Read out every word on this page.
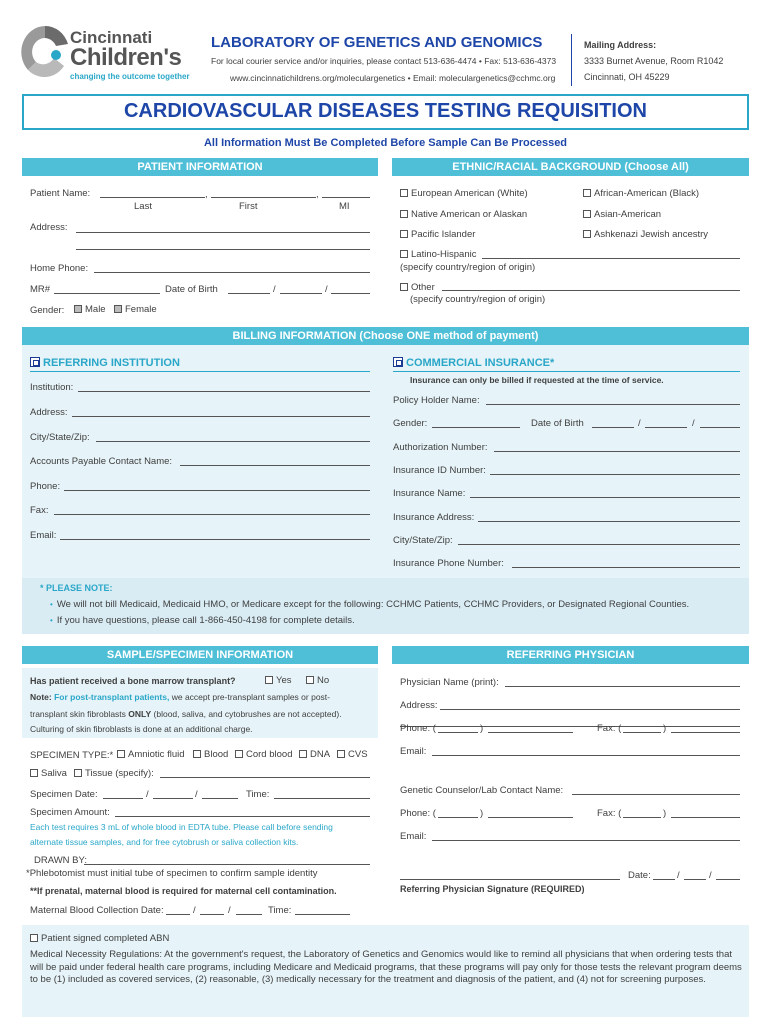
Cincinnati
Children's
changing the outcome together
LABORATORY OF GENETICS AND GENOMICS
For local courier service and/or inquiries, please contact 513-636-4474 • Fax: 513-636-4373
www.cincinnatichildrens.org/moleculargenetics • Email: moleculargenetics@cchmc.org
Mailing Address:
3333 Burnet Avenue, Room R1042
Cincinnati, OH 45229
CARDIOVASCULAR DISEASES TESTING REQUISITION
All Information Must Be Completed Before Sample Can Be Processed
PATIENT INFORMATION	ETHNIC/RACIAL BACKGROUND (Choose All)
Patient Name:	,	,
Last	First	MI
Address:
Home Phone:
MR#	Date of Birth	/	/
Gender:	Male	Female
European American (White)	African-American (Black)
Native American or Alaskan	Asian-American
Pacific Islander	Ashkenazi Jewish ancestry
Latino-Hispanic
(specify country/region of origin)
Other
(specify country/region of origin)
BILLING INFORMATION (Choose ONE method of payment)
REFERRING INSTITUTION
Institution:
Address:
City/State/Zip:
Accounts Payable Contact Name:
Phone:
Fax:
Email:
COMMERCIAL INSURANCE*
Insurance can only be billed if requested at the time of service.
Policy Holder Name:
Gender:	Date of Birth	/	/
Authorization Number:
Insurance ID Number:
Insurance Name:
Insurance Address:
City/State/Zip:
Insurance Phone Number:
* PLEASE NOTE:
• We will not bill Medicaid, Medicaid HMO, or Medicare except for the following: CCHMC Patients, CCHMC Providers, or Designated Regional Counties.
• If you have questions, please call 1-866-450-4198 for complete details.
SAMPLE/SPECIMEN INFORMATION	REFERRING PHYSICIAN
Has patient received a bone marrow transplant?	Yes	No
Note: For post-transplant patients, we accept pre-transplant samples or post-
transplant skin fibroblasts ONLY (blood, saliva, and cytobrushes are not accepted).
Culturing of skin fibroblasts is done at an additional charge.
SPECIMEN TYPE:*	Amniotic fluid	Blood	Cord blood	DNA	CVS
Saliva	Tissue (specify):
Specimen Date:	/	/	Time:
Specimen Amount:
Each test requires 3 mL of whole blood in EDTA tube. Please call before sending
alternate tissue samples, and for free cytobrush or saliva collection kits.
DRAWN BY:
*Phlebotomist must initial tube of specimen to confirm sample identity
**If prenatal, maternal blood is required for maternal cell contamination.
Maternal Blood Collection Date:	/	/	Time:
Physician Name (print):
Address:
Phone: (	)	Fax: (	)
Email:
Genetic Counselor/Lab Contact Name:
Phone: (	)	Fax: (	)
Email:
Date:	/	/
Referring Physician Signature (REQUIRED)
Patient signed completed ABN
Medical Necessity Regulations: At the government's request, the Laboratory of Genetics and Genomics would like to remind all physicians that when ordering tests that will be paid under federal health care programs, including Medicare and Medicaid programs, that these programs will pay only for those tests the relevant program deems to be (1) included as covered services, (2) reasonable, (3) medically necessary for the treatment and diagnosis of the patient, and (4) not for screening purposes.
